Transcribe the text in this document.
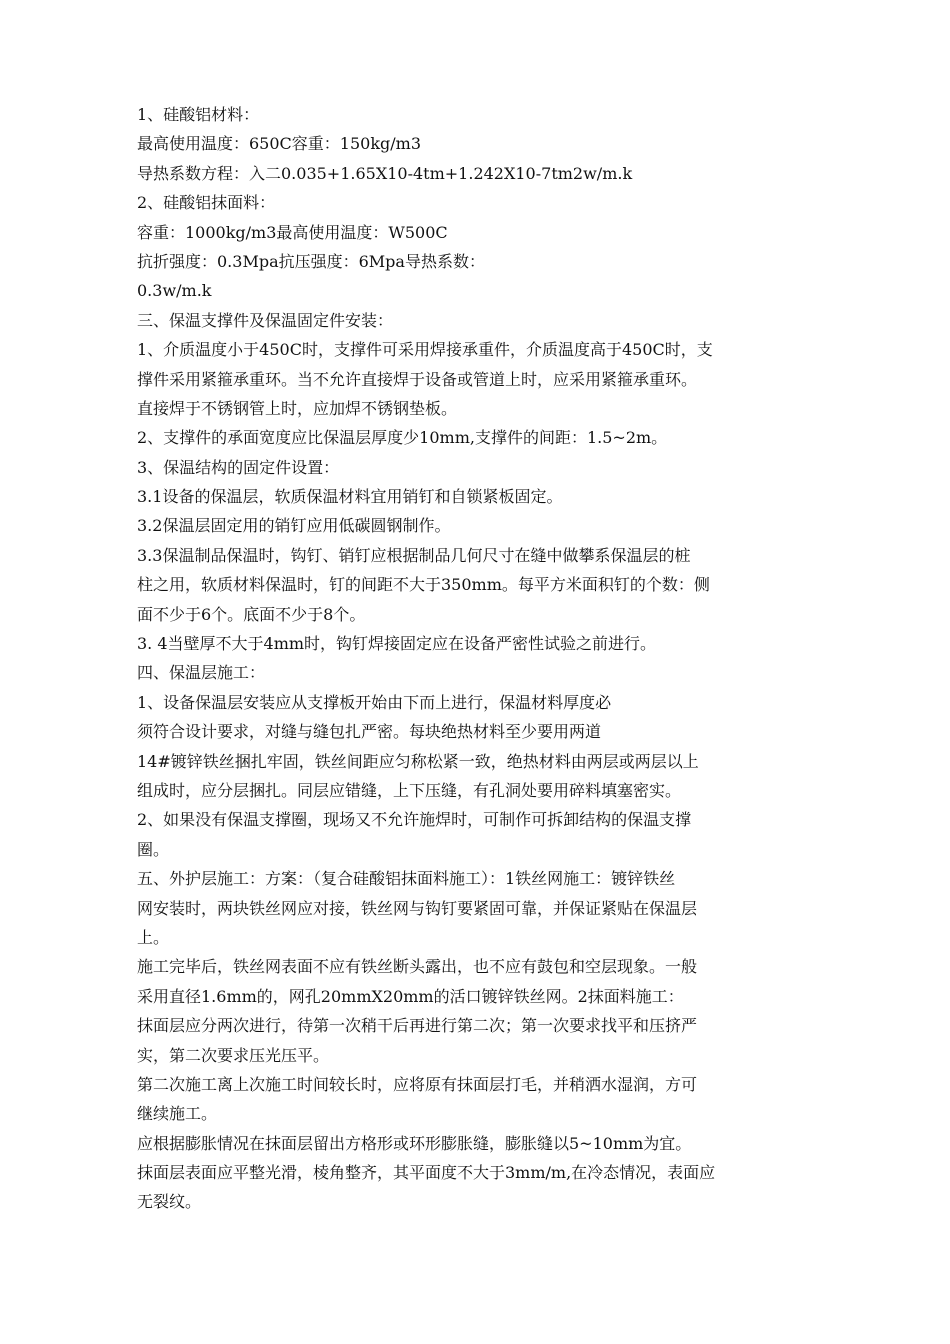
1、硅酸铝材料：
最高使用温度：650C容重：150kg/m3
导热系数方程：入二0.035+1.65X10-4tm+1.242X10-7tm2w/m.k
2、硅酸铝抹面料：
容重：1000kg/m3最高使用温度：W500C
抗折强度：0.3Mpa抗压强度：6Mpa导热系数：
0.3w/m.k
三、保温支撑件及保温固定件安装：
1、介质温度小于450C时，支撑件可采用焊接承重件，介质温度高于450C时，支
撑件采用紧箍承重环。当不允许直接焊于设备或管道上时，应采用紧箍承重环。
直接焊于不锈钢管上时，应加焊不锈钢垫板。
2、支撑件的承面宽度应比保温层厚度少10mm,支撑件的间距：1.5~2m。
3、保温结构的固定件设置：
3.1设备的保温层，软质保温材料宜用销钉和自锁紧板固定。
3.2保温层固定用的销钉应用低碳圆钢制作。
3.3保温制品保温时，钩钉、销钉应根据制品几何尺寸在缝中做攀系保温层的桩
柱之用，软质材料保温时，钉的间距不大于350mm。每平方米面积钉的个数：侧
面不少于6个。底面不少于8个。
3. 4当壁厚不大于4mm时，钩钉焊接固定应在设备严密性试验之前进行。
四、保温层施工：
1、设备保温层安装应从支撑板开始由下而上进行，保温材料厚度必
须符合设计要求，对缝与缝包扎严密。每块绝热材料至少要用两道
14#镀锌铁丝捆扎牢固，铁丝间距应匀称松紧一致，绝热材料由两层或两层以上
组成时，应分层捆扎。同层应错缝，上下压缝，有孔洞处要用碎料填塞密实。
2、如果没有保温支撑圈，现场又不允许施焊时，可制作可拆卸结构的保温支撑
圈。
五、外护层施工：方案：（复合硅酸铝抹面料施工）：1铁丝网施工：镀锌铁丝
网安装时，两块铁丝网应对接，铁丝网与钩钉要紧固可靠，并保证紧贴在保温层
上。
施工完毕后，铁丝网表面不应有铁丝断头露出，也不应有鼓包和空层现象。一般
采用直径1.6mm的，网孔20mmX20mm的活口镀锌铁丝网。2抹面料施工：
抹面层应分两次进行，待第一次稍干后再进行第二次；第一次要求找平和压挤严
实，第二次要求压光压平。
第二次施工离上次施工时间较长时，应将原有抹面层打毛，并稍洒水湿润，方可
继续施工。
应根据膨胀情况在抹面层留出方格形或环形膨胀缝，膨胀缝以5~10mm为宜。
抹面层表面应平整光滑，棱角整齐，其平面度不大于3mm/m,在冷态情况，表面应
无裂纹。
